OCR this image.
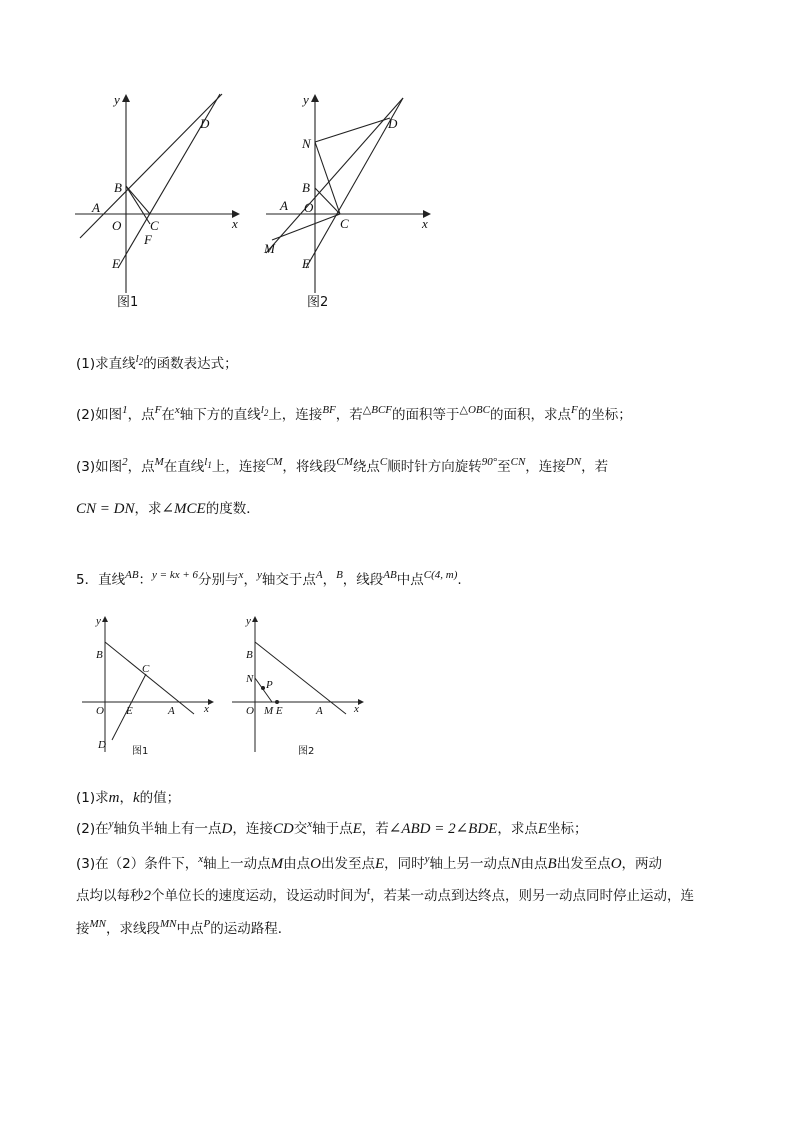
y
x
D
B
A
O C
F
E
图1
y
x
D
N
B
A O
C
M
E
图2
(1)求直线$^{l_2}$的函数表达式；
(2)如图$^1$，点$^F$在$^x$轴下方的直线$^{l_2}$上，连接$^{BF}$，若$^{\triangle BCF}$的面积等于$^{\triangle OBC}$的面积，求点$^F$的坐标；
(3)如图$^2$，点$^M$在直线$^{l_1}$上，连接$^{CM}$，将线段$^{CM}$绕点$^C$顺时针方向旋转$^{90^\circ}$至$^{CN}$，连接$^{DN}$，若
CN = DN，求∠MCE的度数．
5．直线$^{AB}$：$^{y = kx + 6}$分别与$^x$，$^y$轴交于点$^A$，$^B$，线段$^{AB}$中点$^{C(4, m)}$.
y
x
B
C
O E	A
D
图1
y
x
B
N P
O M E	A
图2
(1)求m，k的值；
(2)在$^y$轴负半轴上有一点D，连接CD交$^x$轴于点E，若∠ABD = 2∠BDE，求点E坐标；
(3)在（2）条件下，$^x$轴上一动点M由点O出发至点E，同时$^y$轴上另一动点N由点B出发至点O，两动
点均以每秒2个单位长的速度运动，设运动时间为$^t$，若某一动点到达终点，则另一动点同时停止运动，连
接$^{MN}$，求线段$^{MN}$中点$^P$的运动路程．
